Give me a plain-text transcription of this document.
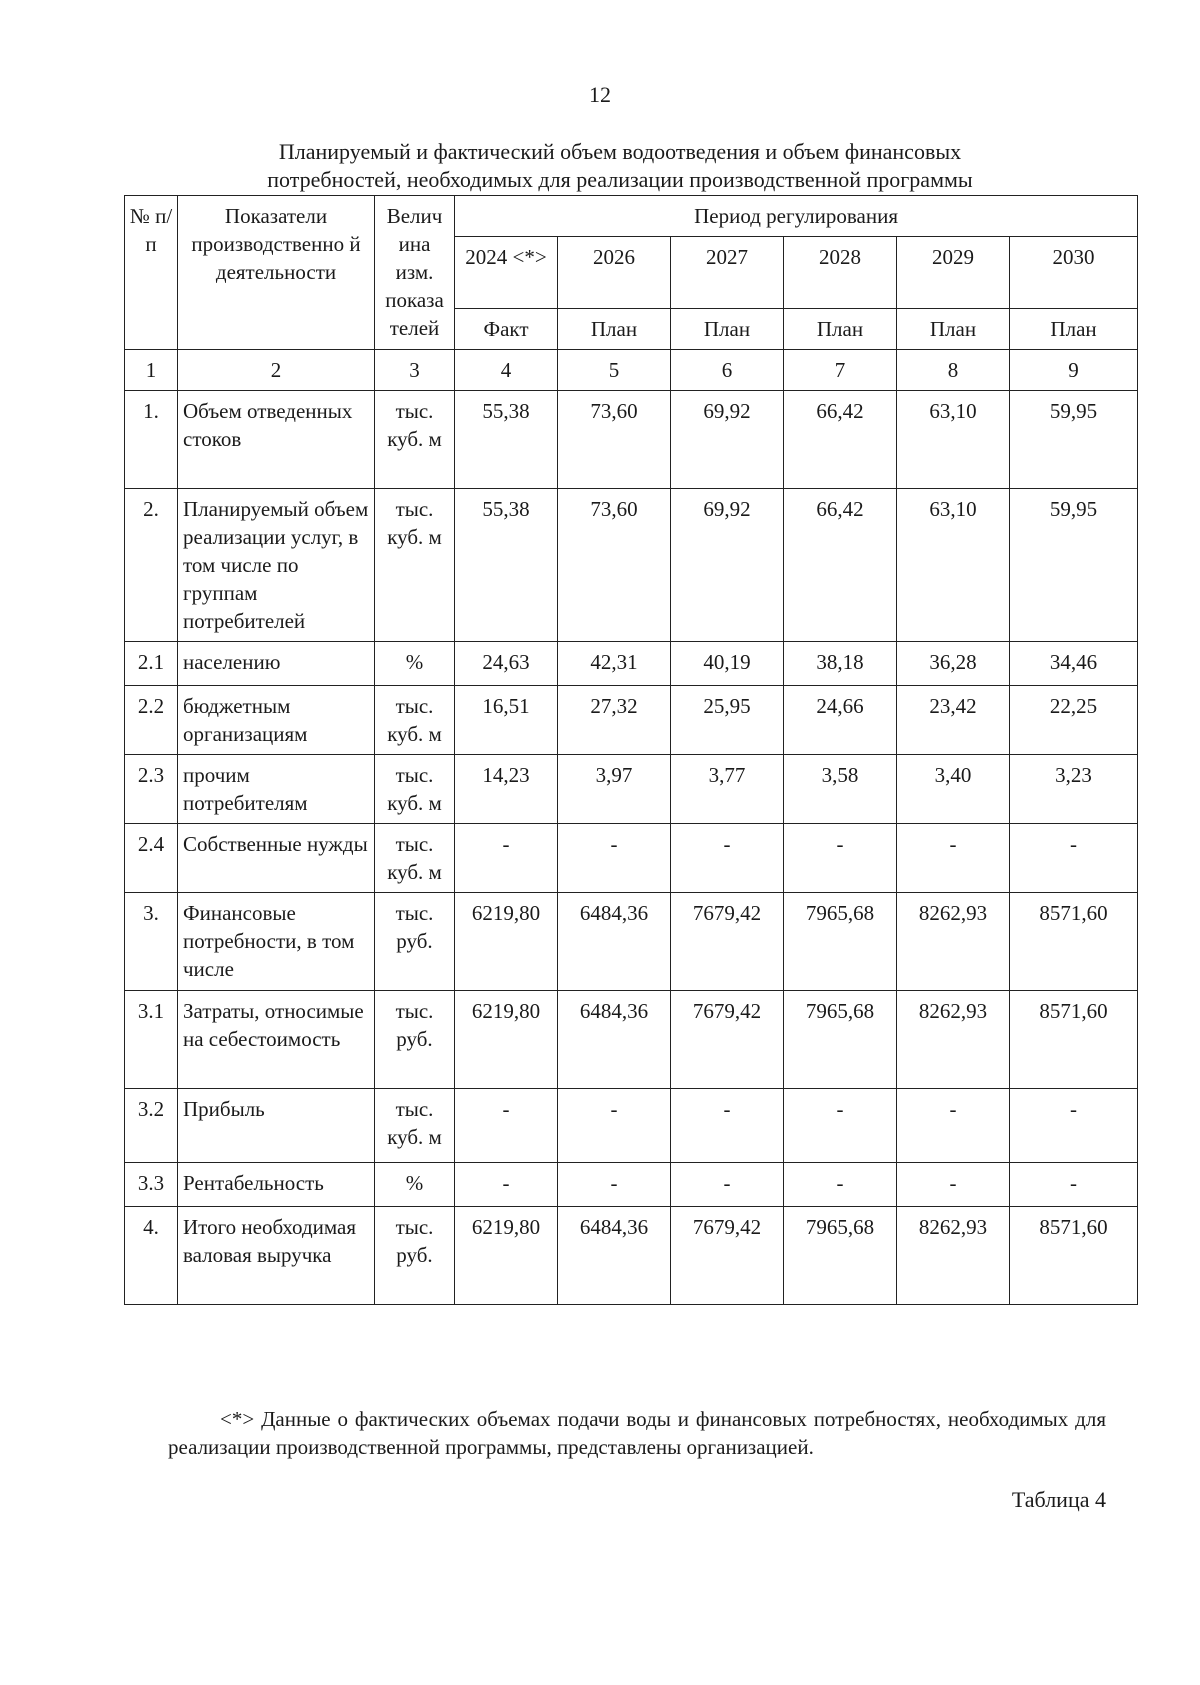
12
Планируемый и фактический объем водоотведения и объем финансовых
потребностей, необходимых для реализации производственной программы
№ п/п	Показатели производственно й деятельности	Велич ина изм. показа телей	Период регулирования					
			2024 <*>	2026	2027	2028	2029	2030
			Факт	План	План	План	План	План
1	2	3	4	5	6	7	8	9
1.	Объем отведенных стоков	тыс. куб. м	55,38	73,60	69,92	66,42	63,10	59,95
2.	Планируемый объем реализации услуг, в том числе по группам потребителей	тыс. куб. м	55,38	73,60	69,92	66,42	63,10	59,95
2.1	населению	%	24,63	42,31	40,19	38,18	36,28	34,46
2.2	бюджетным организациям	тыс. куб. м	16,51	27,32	25,95	24,66	23,42	22,25
2.3	прочим потребителям	тыс. куб. м	14,23	3,97	3,77	3,58	3,40	3,23
2.4	Собственные нужды	тыс. куб. м	-	-	-	-	-	-
3.	Финансовые потребности, в том числе	тыс. руб.	6219,80	6484,36	7679,42	7965,68	8262,93	8571,60
3.1	Затраты, относимые на себестоимость	тыс. руб.	6219,80	6484,36	7679,42	7965,68	8262,93	8571,60
3.2	Прибыль	тыс. куб. м	-	-	-	-	-	-
3.3	Рентабельность	%	-	-	-	-	-	-
4.	Итого необходимая валовая выручка	тыс. руб.	6219,80	6484,36	7679,42	7965,68	8262,93	8571,60
<*> Данные о фактических объемах подачи воды и финансовых потребностях, необходимых для реализации производственной программы, представлены организацией.
Таблица 4
